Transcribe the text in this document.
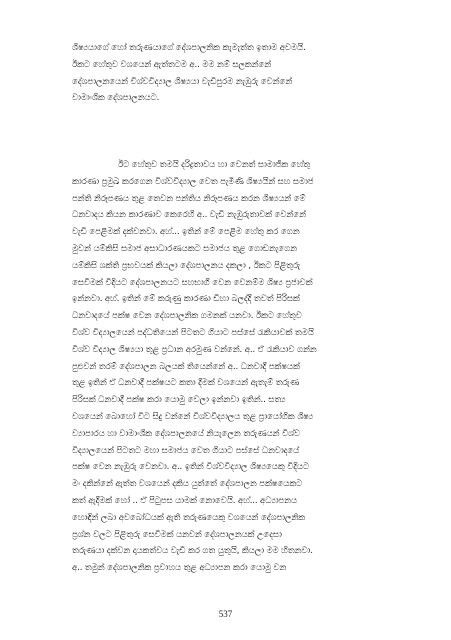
ශිෂ්‍යයාගේ හෝ තරුණයාගේ දේශපාලනික කැමැත්ත ඉතාම අවමයි.
ඊකට හේතුව වශයෙන් ඇත්තටම අ.. මම නම් සලකන්නේ
දේශපාලනයෙන් විශ්වවිද්‍යාල ශිෂ්‍යයා වැඩිපුරම නැඹුරු වෙන්නේ
වාමාංශික දේශපාලනයට.
ඊට හේතුව තමයි දරිද්‍රතාවය හා වෙනත් සාමාජික හේතු
කාරණා ප්‍රමුඛ කරගෙන විශ්වවිද්‍යාල වෙත පැමිණි ශිෂ්‍යයින් සහ සමාජ
පන්ති නිරූපණය තුළ තෙවන පන්තිය නිරූපණය කරන ශිෂ්‍යයන් මේ
ධනවාදය කියන කාරණාව කෙරෙහි අ.. වැඩි නැඹුරුතාවක් වෙන්නේ
වැඩි පෙළීමක් දක්වනවා. අහ්... ඉතින් මේ පෙළීම හේතු කර ගෙන
මුවන් යම්කිසි සමාජ අසාධාරණයකට සමාජය තුළ ගොඩනැගෙන
යම්කිසි ශක්ති ප්‍රභවයක් කියලා දේශපාලනය දකලා , ඊකට පිළිතුරු
සෙවීමක් විදියට දේශපාලනයට සහභාගී වෙන වෙනම්ම ශිෂ්‍ය ප්‍රජාවක්
ඉන්නවා. අහ්. ඉතින් මේ කරුණු කාරණා ඩිහා බලද්දී තවත් පිරිසක්
ධනවාදයේ පක්ෂ වෙන දේශපාලනික ගමනක් යනවා. ඊකට හේතුව
විශ්ව විද්‍යාලයෙන් පද්ධතියෙන් පිටතට ගියාට පස්සේ රැකියාවක් තමයි
විශ්ව විද්‍යාල ශිෂ්‍යයා තුළ ප්‍රධාන අරමුණ වන්නේ. අ.. ඒ රැකියාව ගන්න
පුළුවන් තරම් දේශපාලන බලයක් තියෙන්නේ අ.. ධනවාදී පක්ෂයක්
තුළ ඉතින් ඒ ධනවාදී පක්ෂයට කතා දීමක් වශයෙන් ඇතැම් තරුණ
පිරිසක් ධනවාදී පක්ෂ කරා යොමු වෙලා ඉන්නවා ඉතින්.. සත්‍ය
වශයෙන් බොහෝ විට සිදු වන්නේ විශ්වවිද්‍යාලය තුළ ප්‍රායෝගික ශිෂ්‍ය
ව්‍යාපාරය හා වාමාංශික දේශපාලනයේ නියැලෙන තරුණයන් විශ්ව
විද්‍යාලයෙන් පිටතට මහා සමාජය වෙත ගියාට පස්සේ ධනවාදයේ
පක්ෂ වෙන නැඹුරු වෙනවා. අ.. ඉතින් විශ්වවිද්‍යාල ශිෂ්‍යයෙකු විදියට
මං දකින්නේ ඇත්ත වශයෙන් දකිය යුත්තේ දේශපාලන පක්ෂයෙකට
කත් ඇදීමක් හෝ .. ඒ පිටුපස යාමක් නොවෙයි. අහ්... අධ්‍යාපනය
හොඳින් ලබා අවබෝධයක් ඇති තරුණයෙකු වශයෙන් දේශපාලනික
ප්‍රශ්න වලට පිළිතුරු සෙවීමක් යනවන් දේශපාලනයක් උදෙසා
තරුණයා දක්වන දායකත්වය වැඩි කර ගත යුතුයි, කියලා මම හිතනවා.
අ.. තමුන් දේශපාලනික ප්‍රවාහය තුළ අධ්‍යාපන කරා යොමු වන
537
